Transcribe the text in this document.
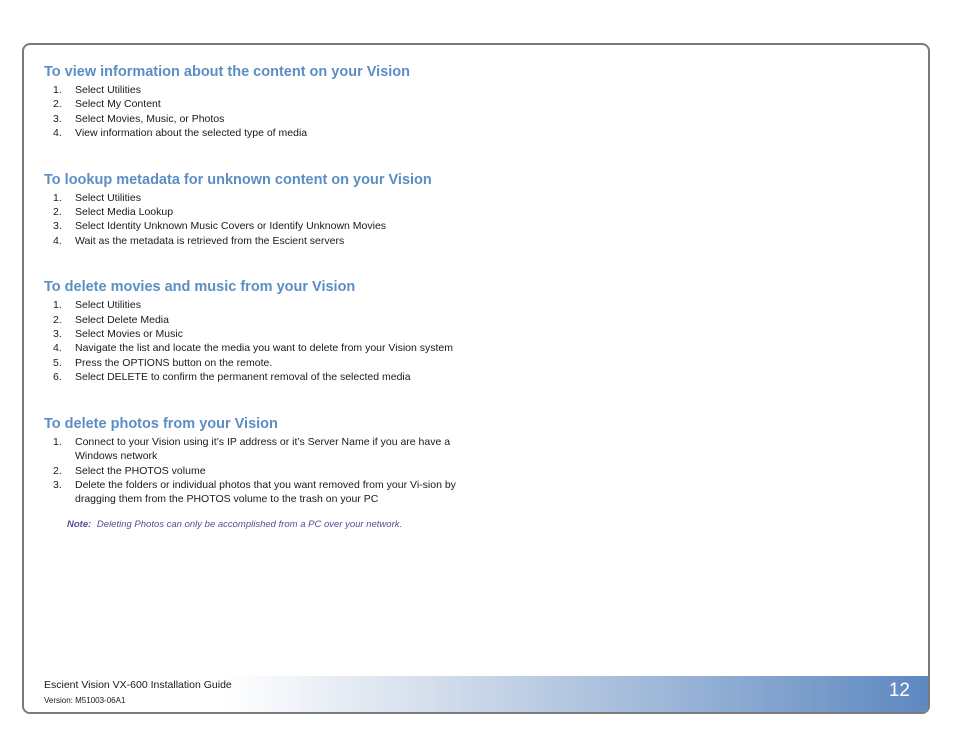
To view information about the content on your Vision
1. Select Utilities
2. Select My Content
3. Select Movies, Music, or Photos
4. View information about the selected type of media
To lookup metadata for unknown content on your Vision
1. Select Utilities
2. Select Media Lookup
3. Select Identity Unknown Music Covers or Identify Unknown Movies
4. Wait as the metadata is retrieved from the Escient servers
To delete movies and music from your Vision
1. Select Utilities
2. Select Delete Media
3. Select Movies or Music
4. Navigate the list and locate the media you want to delete from your Vision system
5. Press the OPTIONS button on the remote.
6. Select DELETE to confirm the permanent removal of the selected media
To delete photos from your Vision
1. Connect to your Vision using it’s IP address or it’s Server Name if you are have a Windows network
2. Select the PHOTOS volume
3. Delete the folders or individual photos that you want removed from your Vi-sion by dragging them from the PHOTOS volume to the trash on your PC
Note: Deleting Photos can only be accomplished from a PC over your network.
Escient Vision VX-600 Installation Guide
Version: M51003-06A1	12
